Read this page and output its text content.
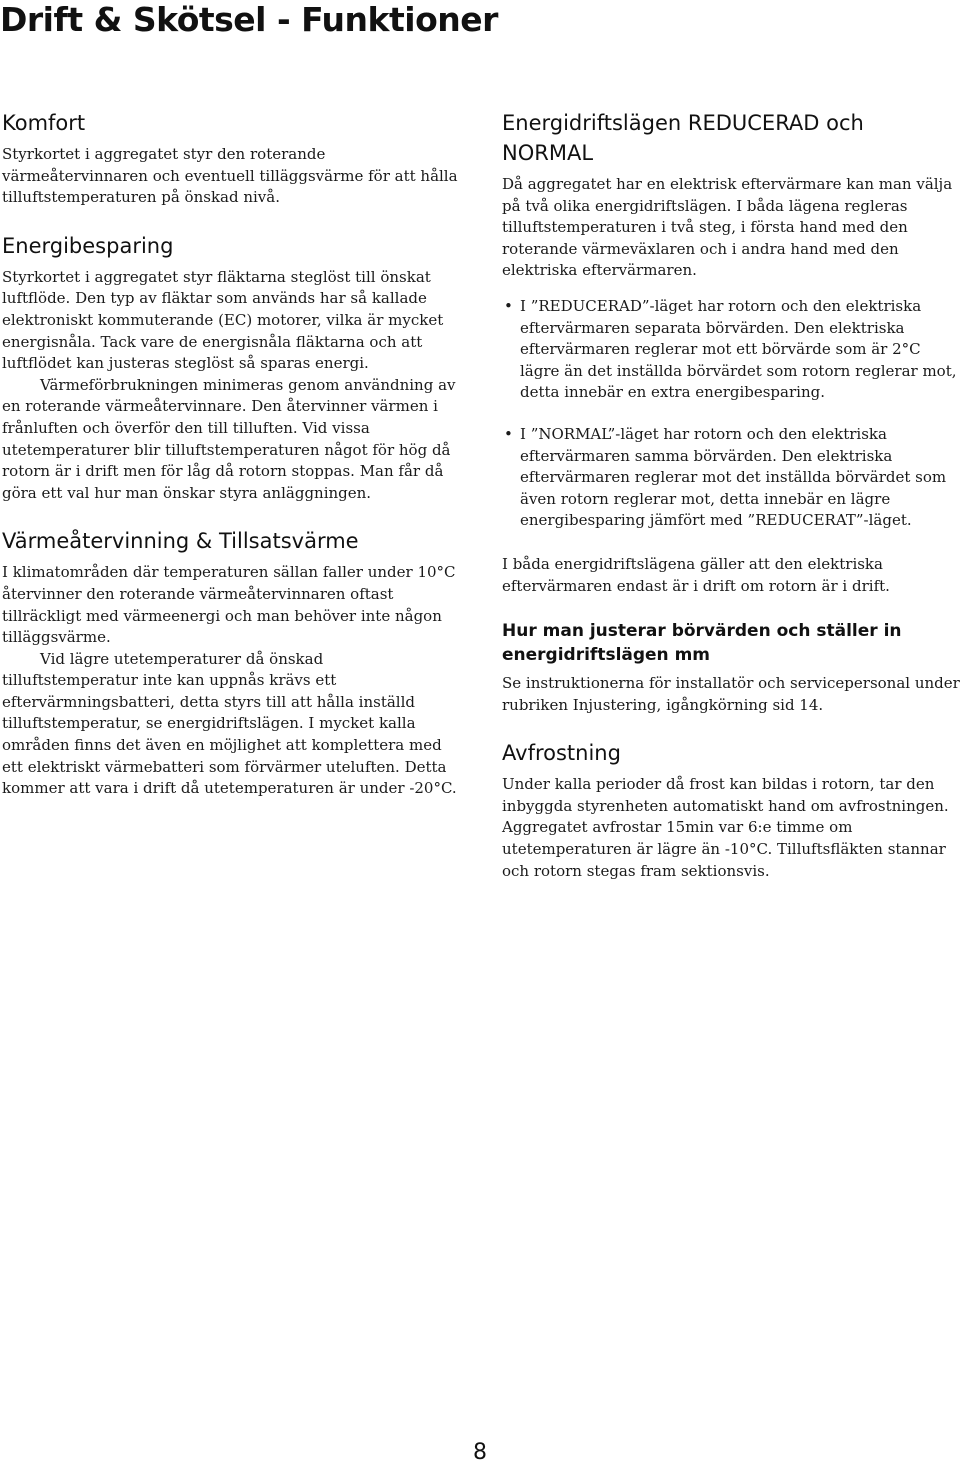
Drift & Skötsel - Funktioner
Komfort

Styrkortet i aggregatet styr den roterande värmeåtervinnaren och eventuell tilläggsvärme för att hålla tilluftstemperaturen på önskad nivå.

Energibesparing

Styrkortet i aggregatet styr fläktarna steglöst till önskat luftflöde. Den typ av fläktar som används har så kallade elektroniskt kommuterande (EC) motorer, vilka är mycket energisnåla. Tack vare de energisnåla fläktarna och att luftflödet kan justeras steglöst så sparas energi.

Värmeförbrukningen minimeras genom användning av en roterande värmeåtervinnare. Den återvinner värmen i frånluften och överför den till tilluften. Vid vissa utetemperaturer blir tilluftstemperaturen något för hög då rotorn är i drift men för låg då rotorn stoppas. Man får då göra ett val hur man önskar styra anläggningen.

Värmeåtervinning & Tillsatsvärme

I klimatområden där temperaturen sällan faller under 10°C återvinner den roterande värmeåtervinnaren oftast tillräckligt med värmeenergi och man behöver inte någon tilläggsvärme.

Vid lägre utetemperaturer då önskad tilluftstemperatur inte kan uppnås krävs ett eftervärmningsbatteri, detta styrs till att hålla inställd tilluftstemperatur, se energidriftslägen. I mycket kalla områden finns det även en möjlighet att komplettera med ett elektriskt värmebatteri som förvärmer uteluften. Detta kommer att vara i drift då utetemperaturen är under -20°C.

Energidriftslägen REDUCERAD och NORMAL

Då aggregatet har en elektrisk eftervärmare kan man välja på två olika energidriftslägen. I båda lägena regleras tilluftstemperaturen i två steg, i första hand med den roterande värmeväxlaren och i andra hand med den elektriska eftervärmaren.

• I ”REDUCERAD”-läget har rotorn och den elektriska eftervärmaren separata börvärden. Den elektriska eftervärmaren reglerar mot ett börvärde som är 2°C lägre än det inställda börvärdet som rotorn reglerar mot, detta innebär en extra energibesparing.

• I ”NORMAL”-läget har rotorn och den elektriska eftervärmaren samma börvärden. Den elektriska eftervärmaren reglerar mot det inställda börvärdet som även rotorn reglerar mot, detta innebär en lägre energibesparing jämfört med ”REDUCERAT”-läget.

I båda energidriftslägena gäller att den elektriska eftervärmaren endast är i drift om rotorn är i drift.

Hur man justerar börvärden och ställer in energidriftslägen mm

Se instruktionerna för installatör och servicepersonal under rubriken Injustering, igångkörning sid 14.

Avfrostning

Under kalla perioder då frost kan bildas i rotorn, tar den inbyggda styrenheten automatiskt hand om avfrostningen. Aggregatet avfrostar 15min var 6:e timme om utetemperaturen är lägre än -10°C. Tilluftsfläkten stannar och rotorn stegas fram sektionsvis.

8
